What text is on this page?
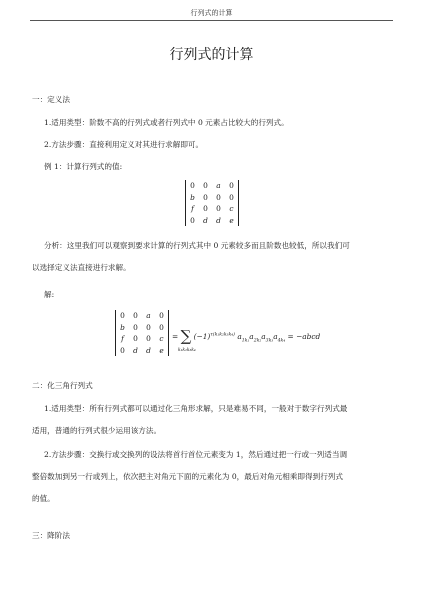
行列式的计算
行列式的计算
一：定义法
1.适用类型：阶数不高的行列式或者行列式中 0 元素占比较大的行列式。
2.方法步骤：直接利用定义对其进行求解即可。
例 1：计算行列式的值:
0	0	a	0
b	0	0	0
f	0	0	c
0	d	d	e
分析：这里我们可以观察到要求计算的行列式其中 0 元素较多而且阶数也较低，所以我们可
以选择定义法直接进行求解。
解:
0	0	a	0
b	0	0	0
f	0	0	c
0	d	d	e
= ∑ $(-1)^{\tau(k_1k_2k_3k_4)}$ $a_{1k_1}a_{2k_2}a_{3k_3}a_{4k_4}$ = −abcd
k₁k₂k₃k₄
二：化三角行列式
1.适用类型：所有行列式都可以通过化三角形求解，只是难易不同，一般对于数字行列式最
适用，普通的行列式很少运用该方法。
2.方法步骤：交换行或交换列的设法将首行首位元素变为 1，然后通过把一行或一列适当调
整倍数加到另一行或列上，依次把主对角元下面的元素化为 0，最后对角元相乘即得到行列式
的值。
三：降阶法
